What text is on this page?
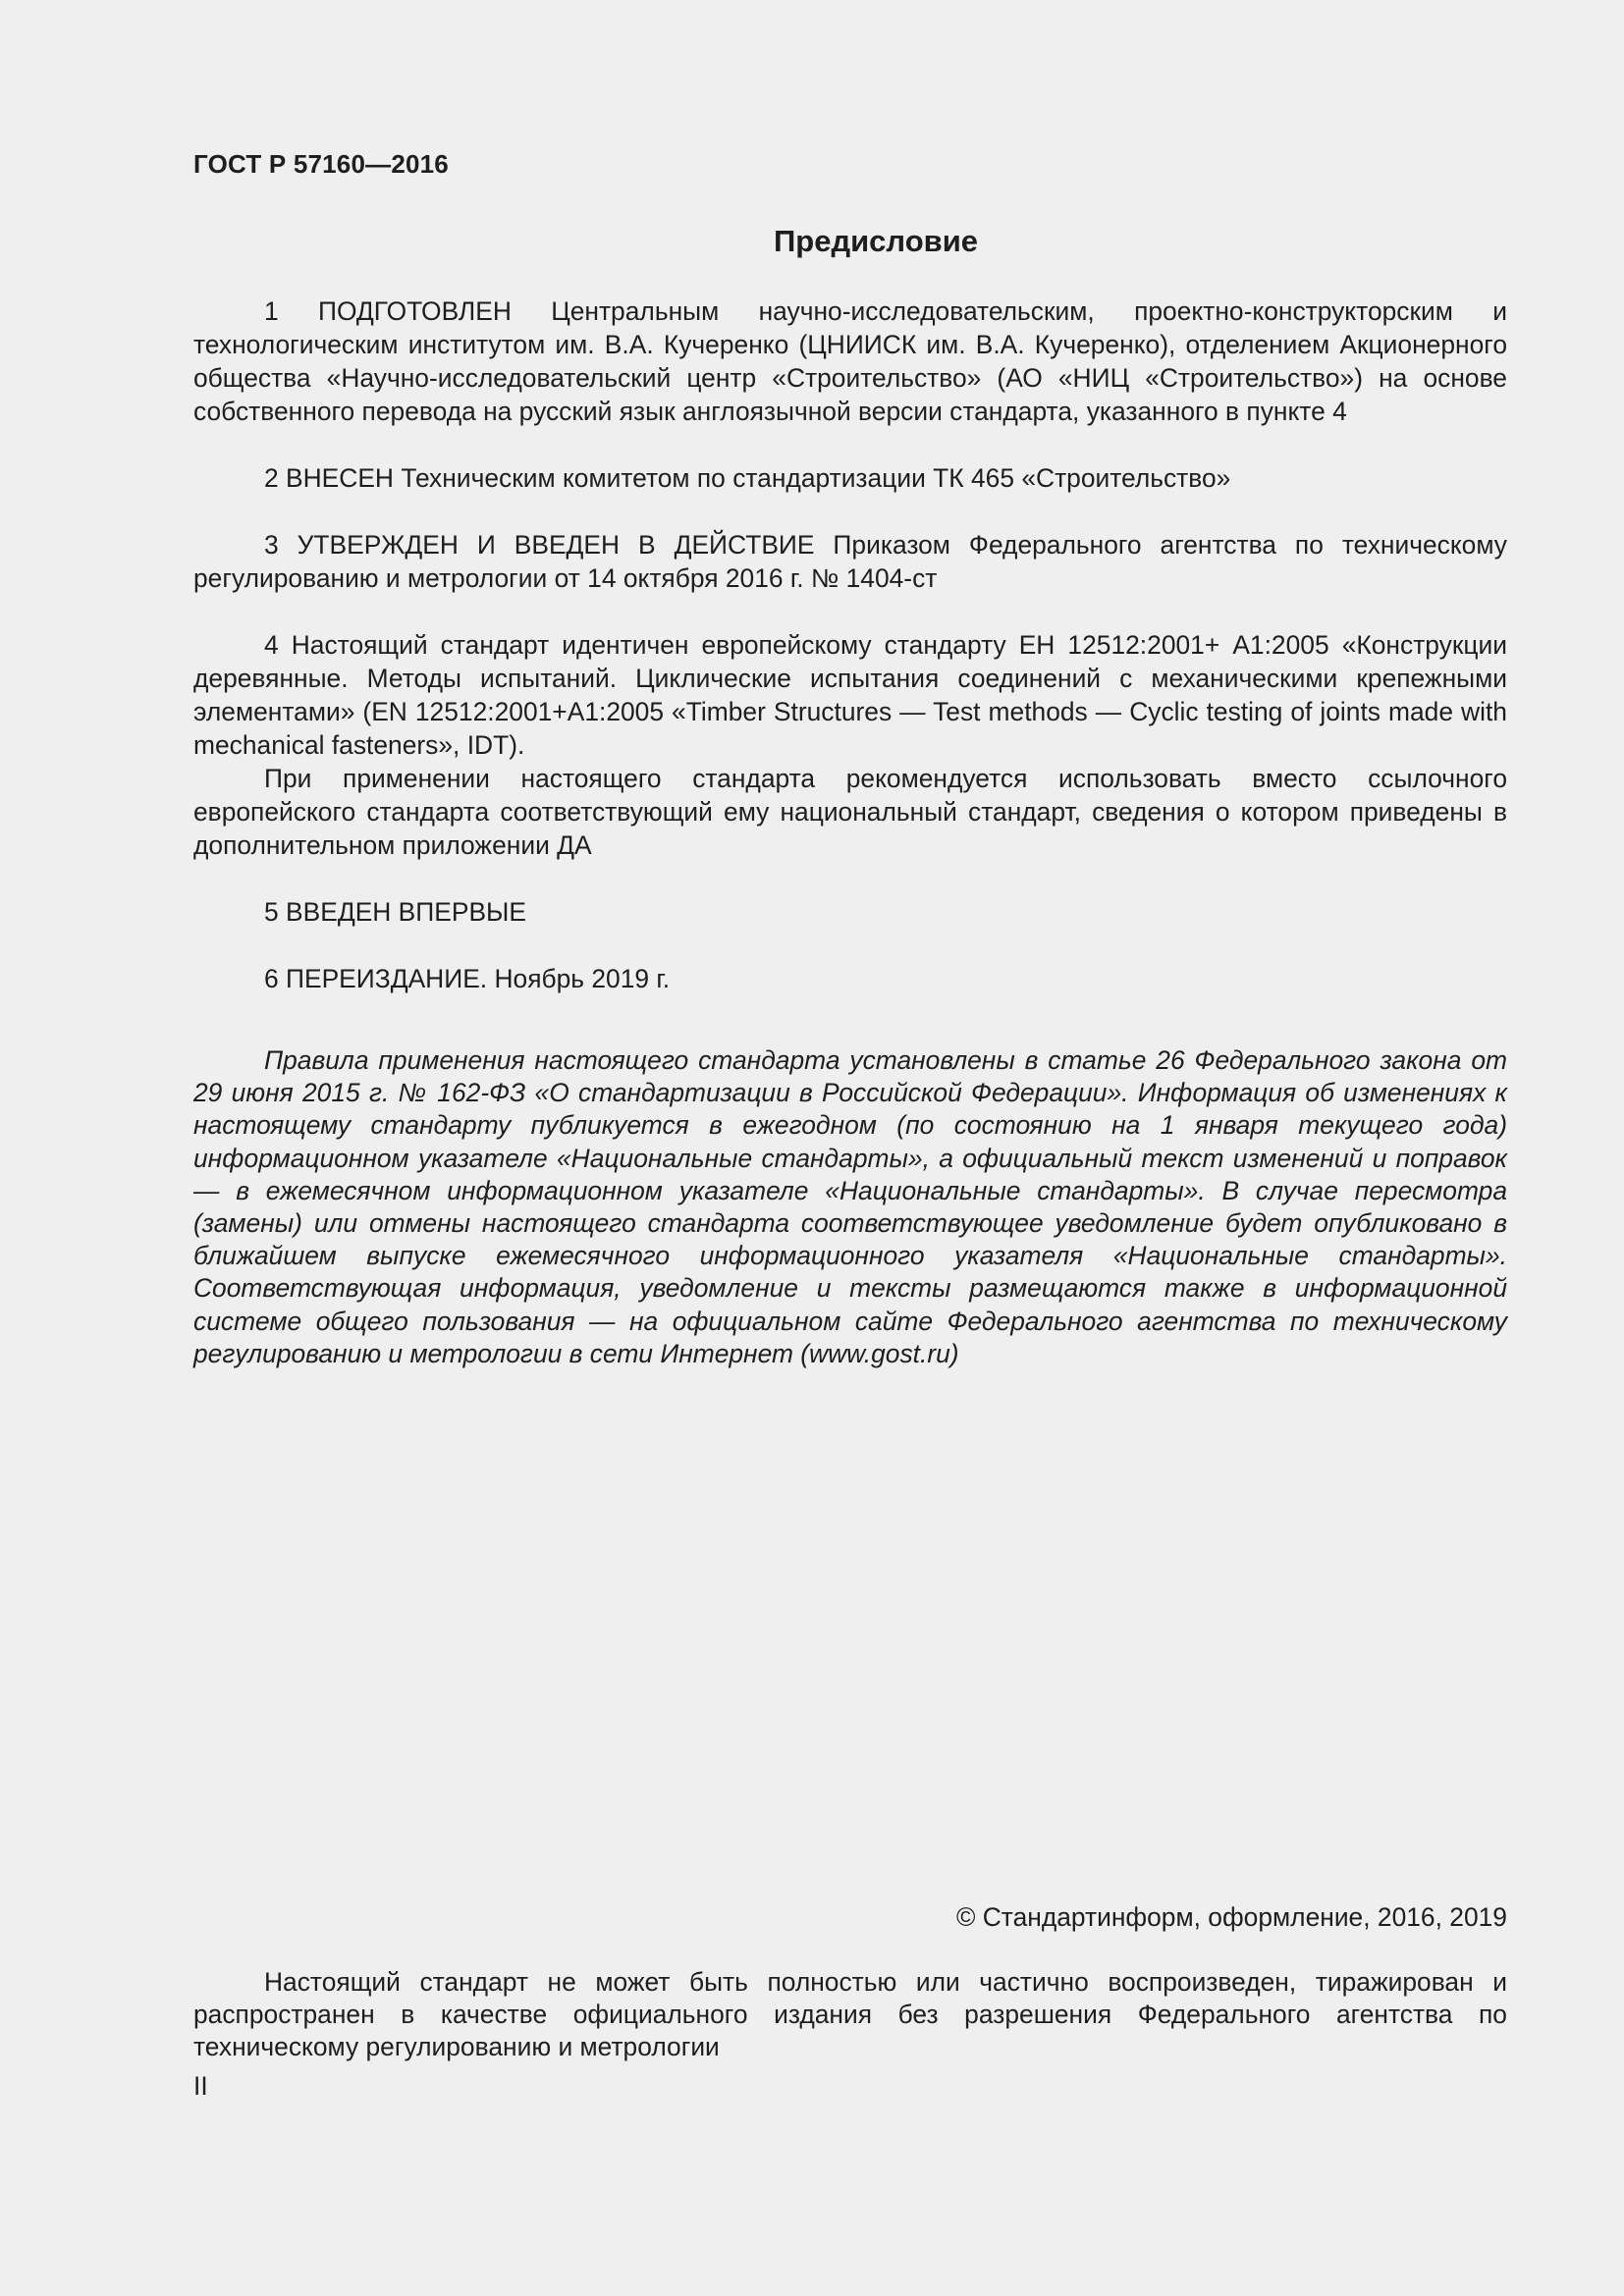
ГОСТ Р 57160—2016
Предисловие

1 ПОДГОТОВЛЕН Центральным научно-исследовательским, проектно-конструкторским и технологическим институтом им. В.А. Кучеренко (ЦНИИСК им. В.А. Кучеренко), отделением Акционерного общества «Научно-исследовательский центр «Строительство» (АО «НИЦ «Строительство») на основе собственного перевода на русский язык англоязычной версии стандарта, указанного в пункте 4

2 ВНЕСЕН Техническим комитетом по стандартизации ТК 465 «Строительство»

3 УТВЕРЖДЕН И ВВЕДЕН В ДЕЙСТВИЕ Приказом Федерального агентства по техническому регулированию и метрологии от 14 октября 2016 г. № 1404-ст

4 Настоящий стандарт идентичен европейскому стандарту ЕН 12512:2001+ А1:2005 «Конструкции деревянные. Методы испытаний. Циклические испытания соединений с механическими крепежными элементами» (EN 12512:2001+A1:2005 «Timber Structures — Test methods — Cyclic testing of joints made with mechanical fasteners», IDT).

При применении настоящего стандарта рекомендуется использовать вместо ссылочного европейского стандарта соответствующий ему национальный стандарт, сведения о котором приведены в дополнительном приложении ДА

5 ВВЕДЕН ВПЕРВЫЕ

6 ПЕРЕИЗДАНИЕ. Ноябрь 2019 г.

Правила применения настоящего стандарта установлены в статье 26 Федерального закона от 29 июня 2015 г. № 162-ФЗ «О стандартизации в Российской Федерации». Информация об изменениях к настоящему стандарту публикуется в ежегодном (по состоянию на 1 января текущего года) информационном указателе «Национальные стандарты», а официальный текст изменений и поправок — в ежемесячном информационном указателе «Национальные стандарты». В случае пересмотра (замены) или отмены настоящего стандарта соответствующее уведомление будет опубликовано в ближайшем выпуске ежемесячного информационного указателя «Национальные стандарты». Соответствующая информация, уведомление и тексты размещаются также в информационной системе общего пользования — на официальном сайте Федерального агентства по техническому регулированию и метрологии в сети Интернет (www.gost.ru)

© Стандартинформ, оформление, 2016, 2019

Настоящий стандарт не может быть полностью или частично воспроизведен, тиражирован и распространен в качестве официального издания без разрешения Федерального агентства по техническому регулированию и метрологии

II
